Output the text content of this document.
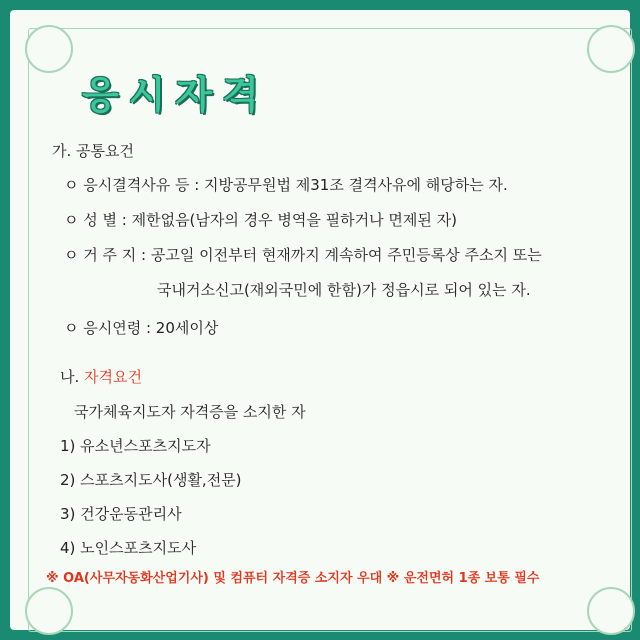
응시자격
가. 공통요건
ㅇ 응시결격사유 등 : 지방공무원법 제31조 결격사유에 해당하는 자.
ㅇ 성 별 : 제한없음(남자의 경우 병역을 필하거나 면제된 자)
ㅇ 거 주 지 : 공고일 이전부터 현재까지 계속하여 주민등록상 주소지 또는
국내거소신고(재외국민에 한함)가 정읍시로 되어 있는 자.
ㅇ 응시연령 : 20세이상
나. 자격요건
국가체육지도자 자격증을 소지한 자
1) 유소년스포츠지도자
2) 스포츠지도사(생활,전문)
3) 건강운동관리사
4) 노인스포츠지도사
※ OA(사무자동화산업기사) 및 컴퓨터 자격증 소지자 우대 ※ 운전면허 1종 보통 필수
